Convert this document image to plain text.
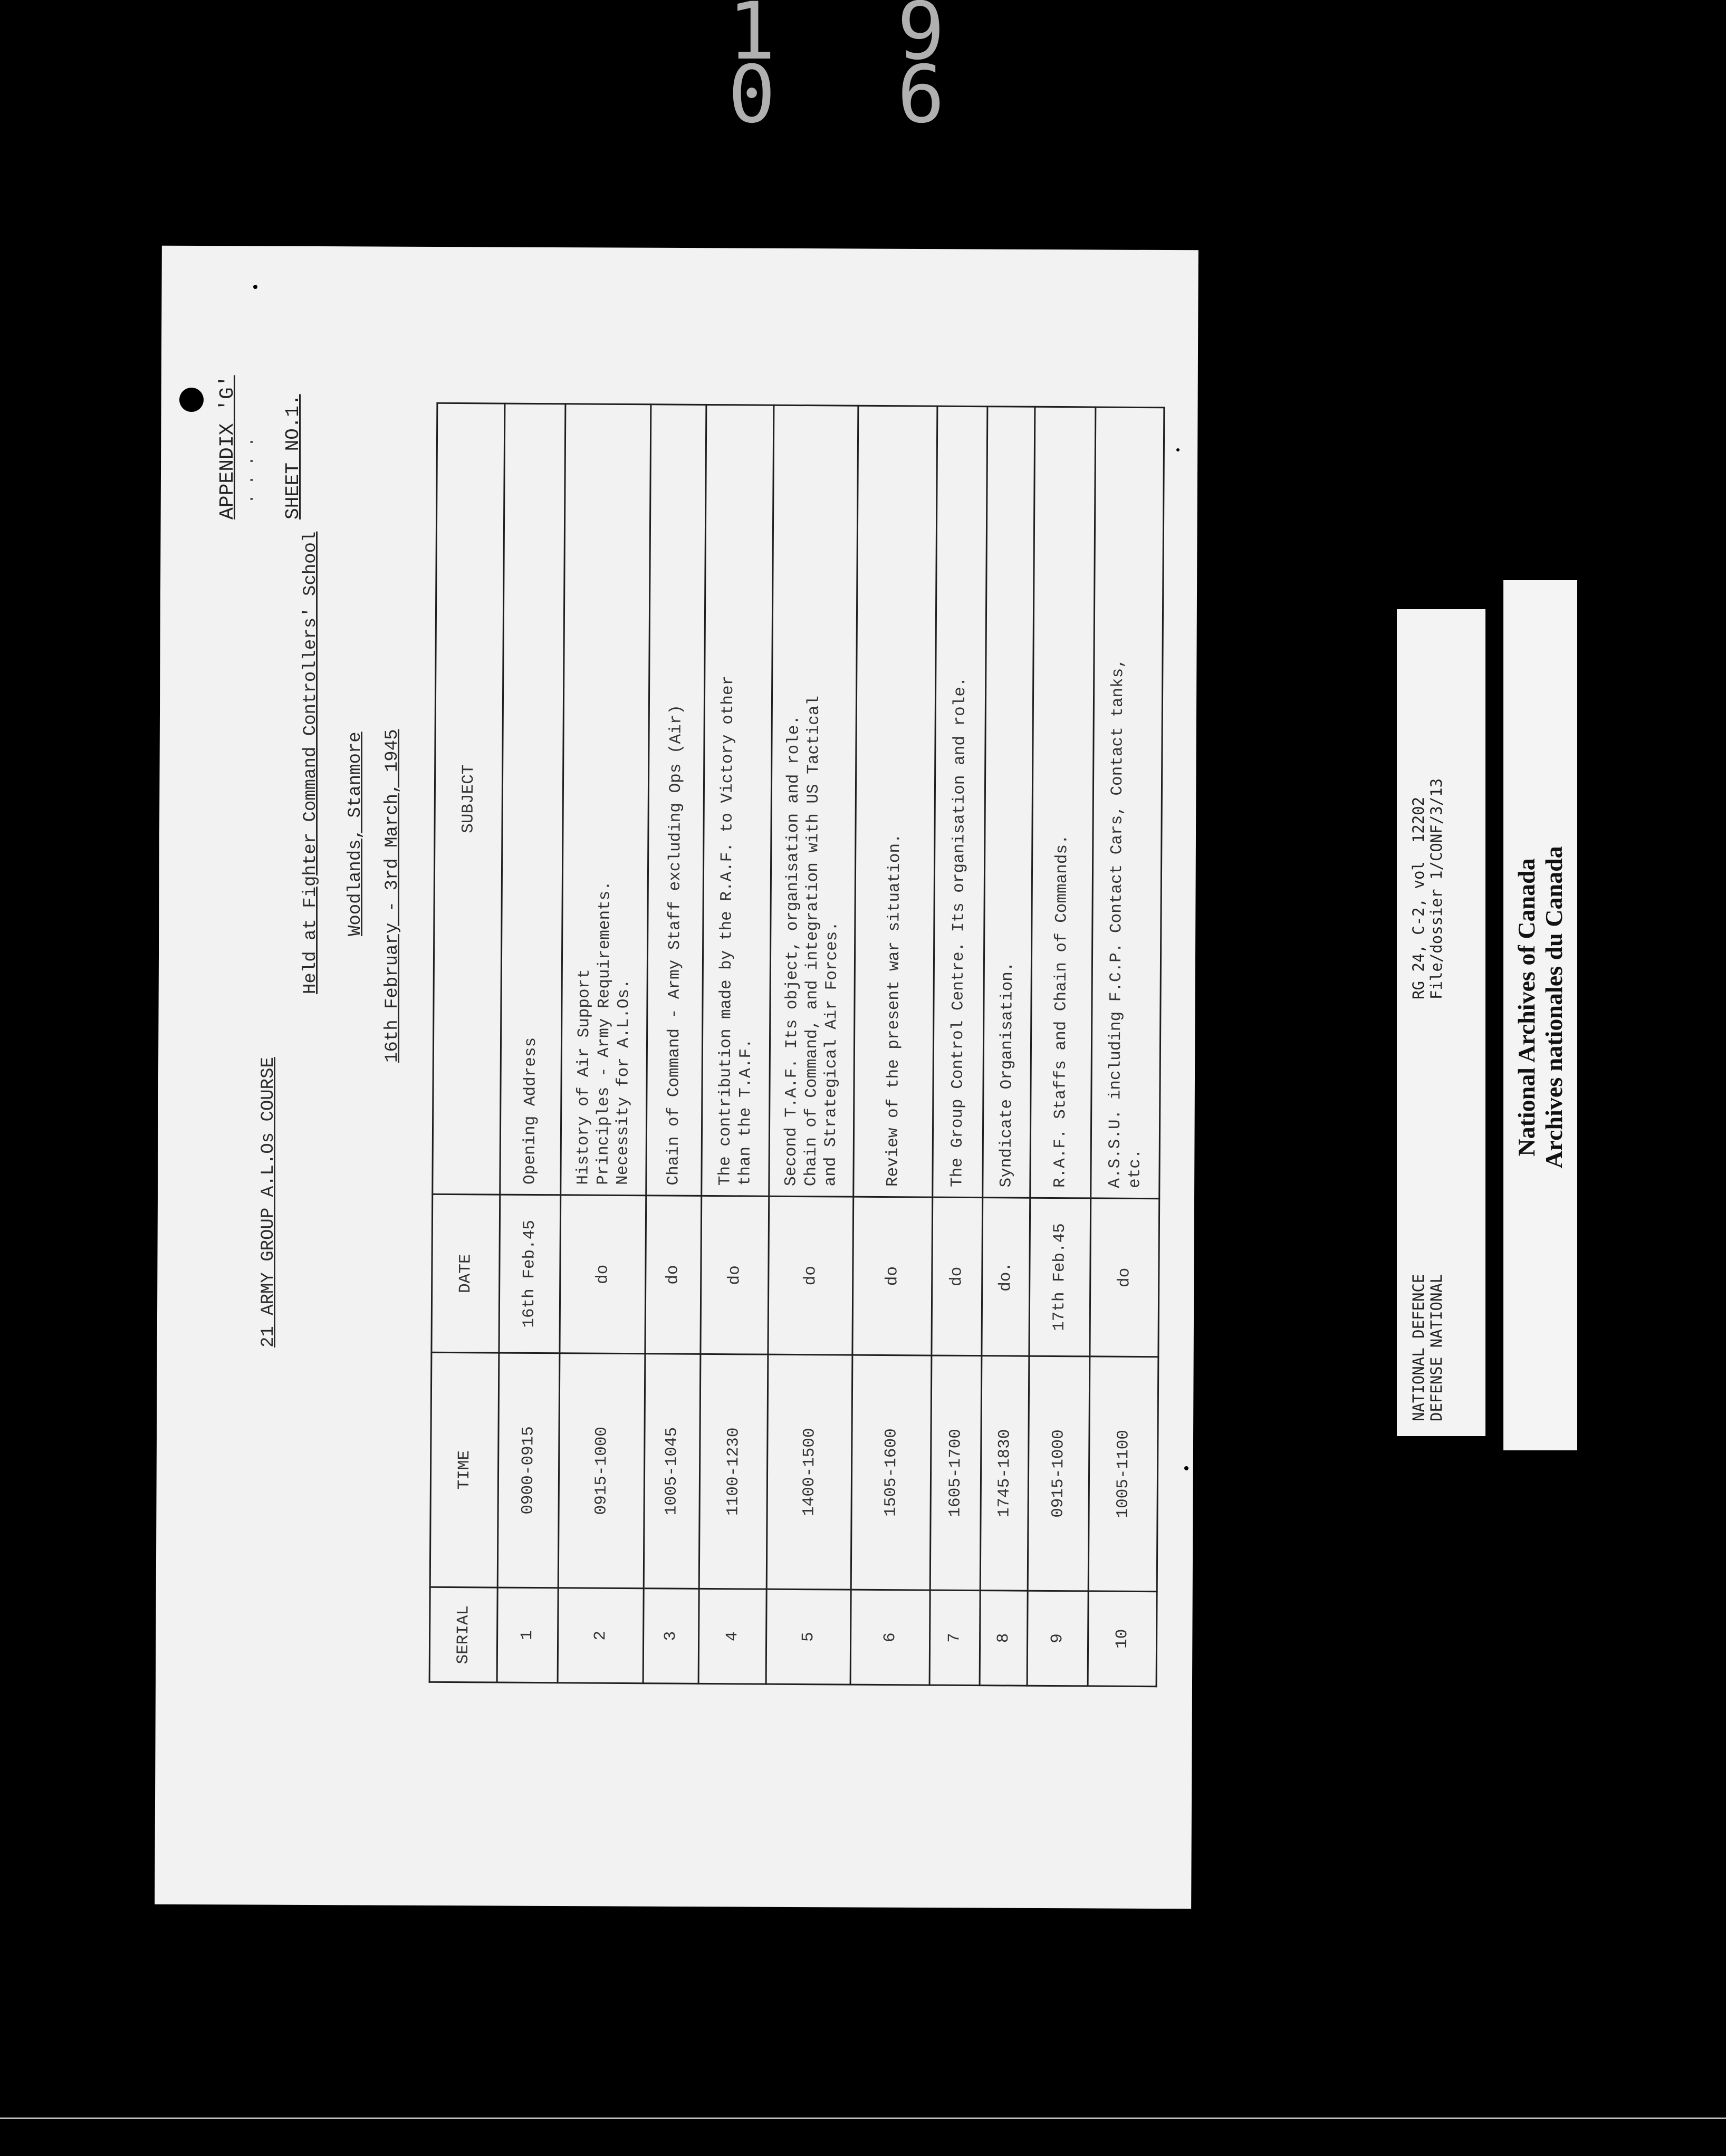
1 9 0 6
APPENDIX 'G' . . . . SHEET NO.1.
21 ARMY GROUP A.L.Os COURSE
Held at Fighter Command Controllers' School Woodlands, Stanmore 16th February - 3rd March, 1945
SERIAL	TIME	DATE	SUBJECT
1	0900-0915	16th Feb.45	Opening Address
2	0915-1000	do	History of Air Support
Principles - Army Requirements.
Necessity for A.L.Os.
3	1005-1045	do	Chain of Command - Army Staff excluding Ops (Air)
4	1100-1230	do	The contribution made by the R.A.F. to Victory other
than the T.A.F.
5	1400-1500	do	Second T.A.F. Its object, organisation and role.
Chain of Command, and integration with US Tactical
and Strategical Air Forces.
6	1505-1600	do	Review of the present war situation.
7	1605-1700	do	The Group Control Centre. Its organisation and role.
8	1745-1830	do.	Syndicate Organisation.
9	0915-1000	17th Feb.45	R.A.F. Staffs and Chain of Commands.
10	1005-1100	do	A.S.S.U. including F.C.P. Contact Cars, Contact tanks,
etc.
NATIONAL DEFENCE
DEFENSE NATIONAL
RG 24, C-2, vol  12202
File/dossier 1/CONF/3/13	National Archives of Canada Archives nationales du Canada
